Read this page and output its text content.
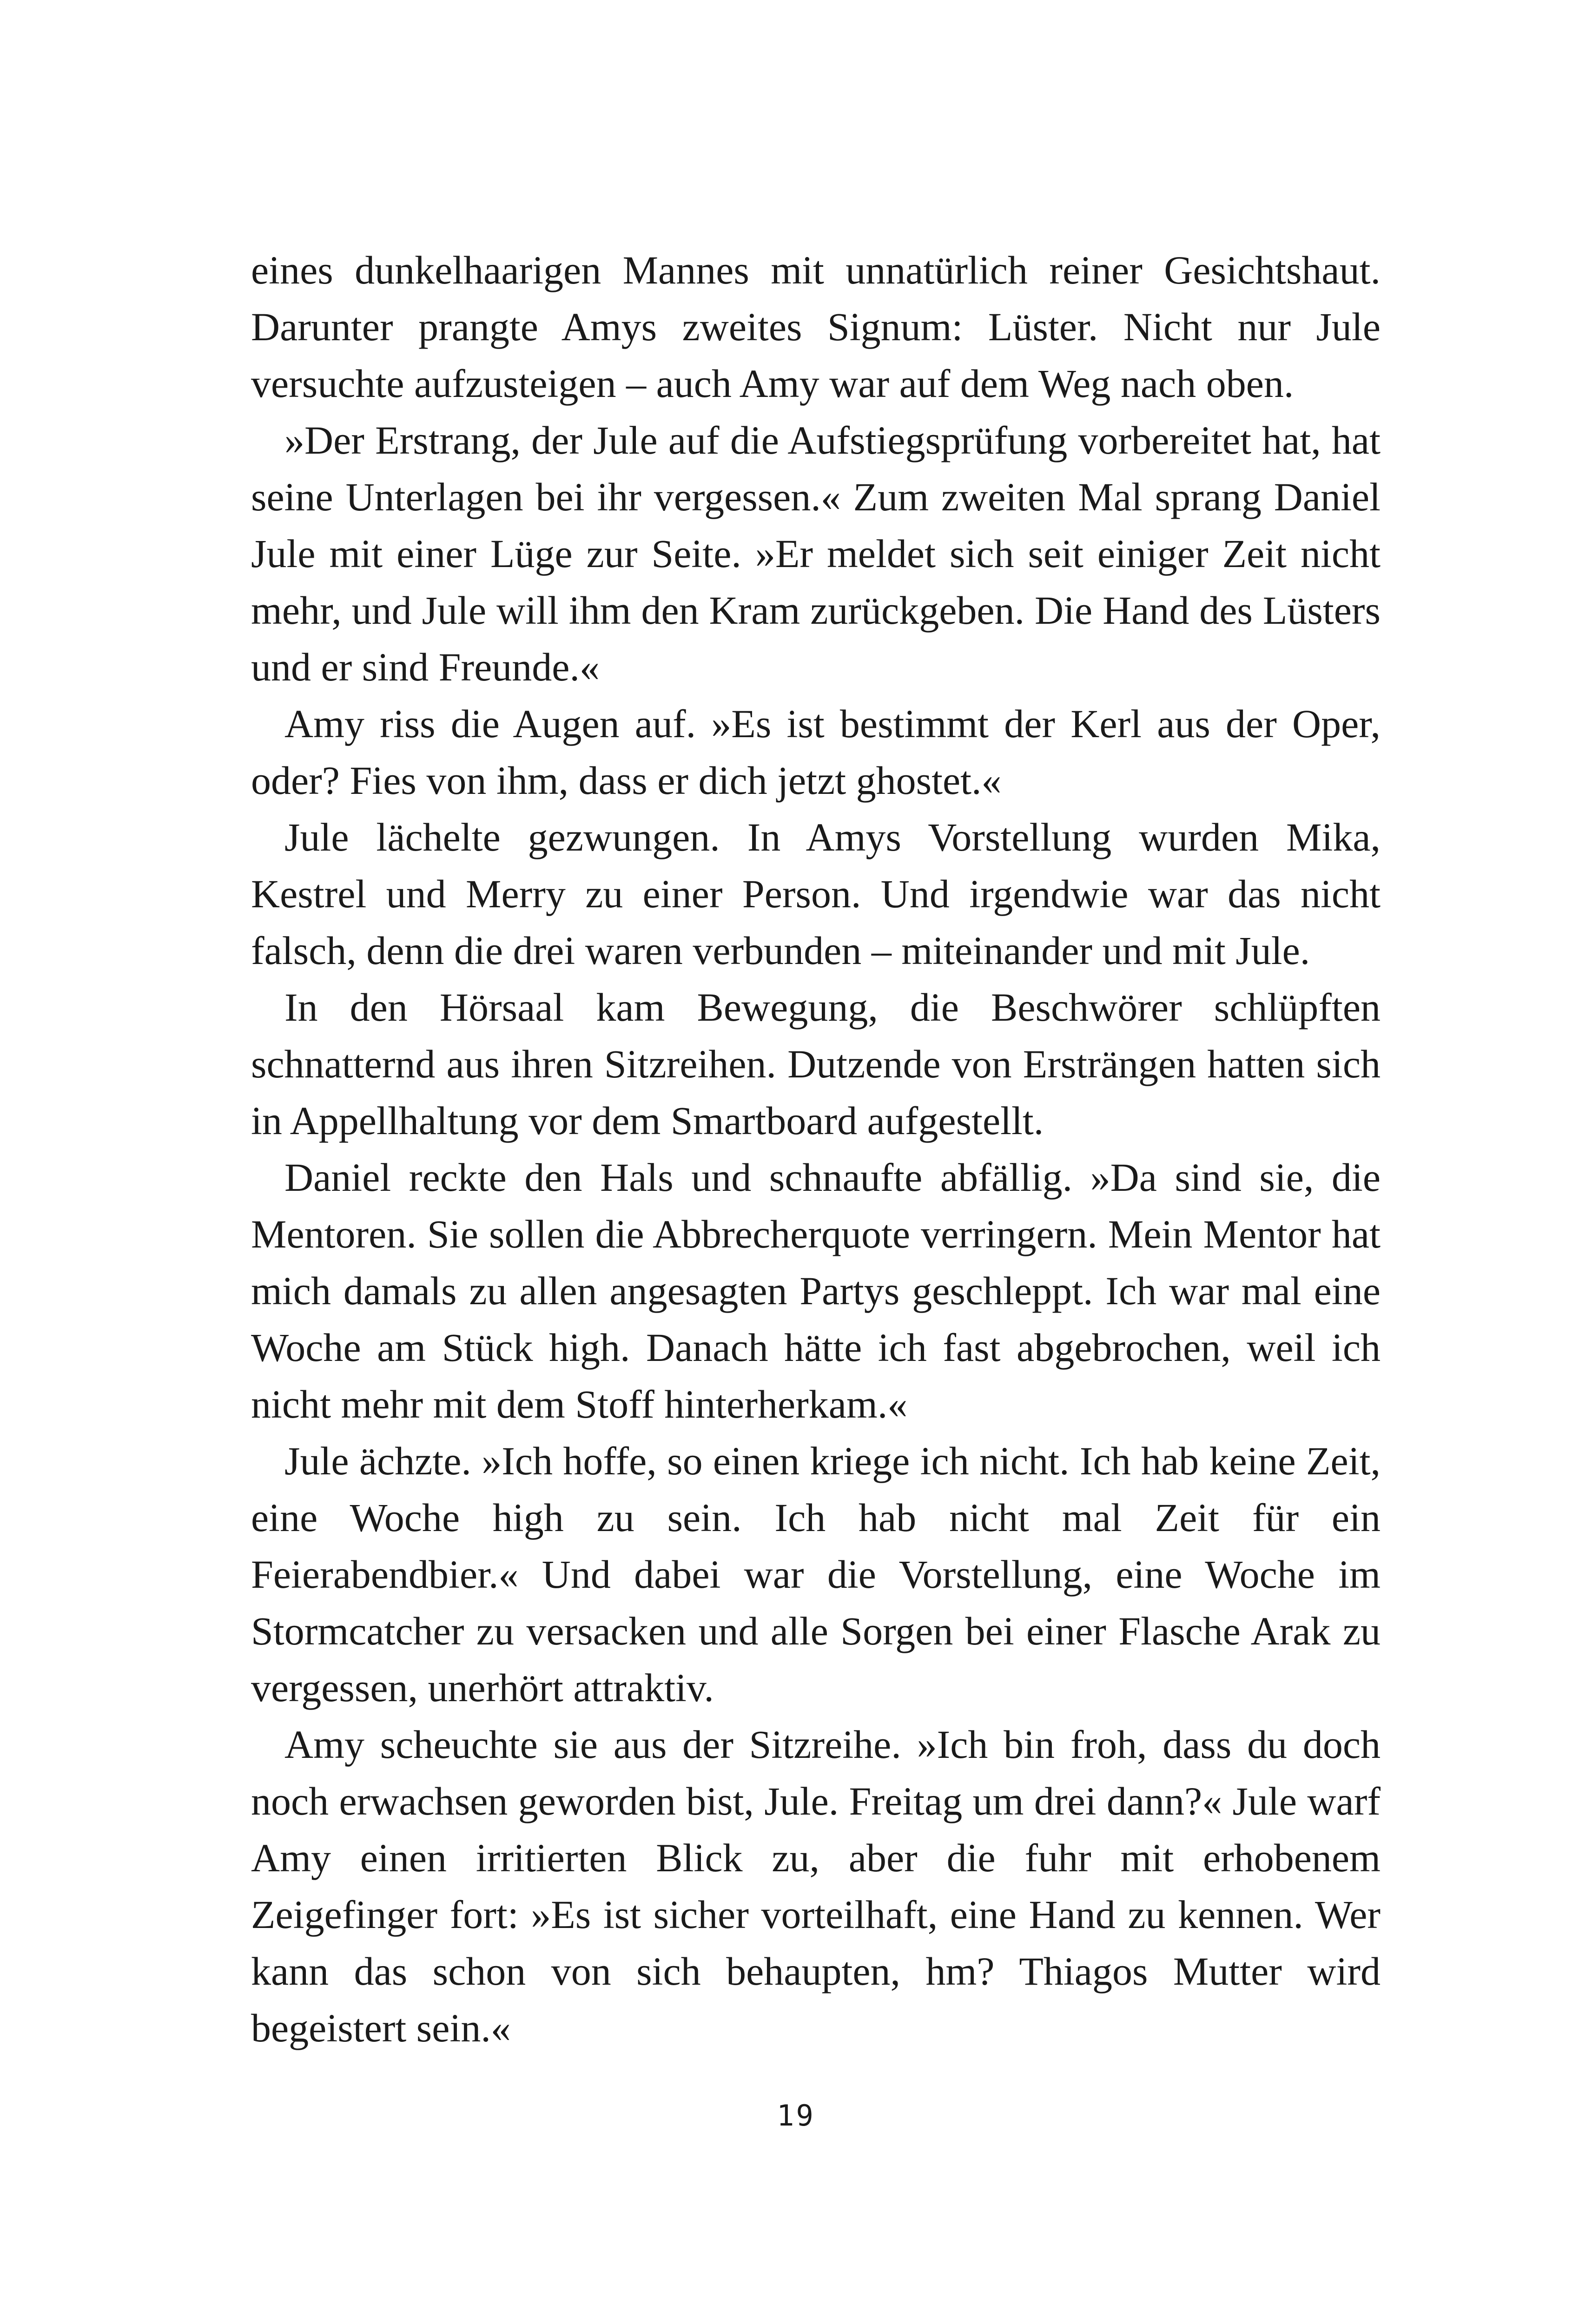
eines dunkelhaarigen Mannes mit unnatürlich reiner Gesichtshaut. Darunter prangte Amys zweites Signum: Lüster. Nicht nur Jule versuchte aufzusteigen – auch Amy war auf dem Weg nach oben.

»Der Erstrang, der Jule auf die Aufstiegsprüfung vorbereitet hat, hat seine Unterlagen bei ihr vergessen.« Zum zweiten Mal sprang Daniel Jule mit einer Lüge zur Seite. »Er meldet sich seit einiger Zeit nicht mehr, und Jule will ihm den Kram zurückgeben. Die Hand des Lüsters und er sind Freunde.«

Amy riss die Augen auf. »Es ist bestimmt der Kerl aus der Oper, oder? Fies von ihm, dass er dich jetzt ghostet.«

Jule lächelte gezwungen. In Amys Vorstellung wurden Mika, Kestrel und Merry zu einer Person. Und irgendwie war das nicht falsch, denn die drei waren verbunden – miteinander und mit Jule.

In den Hörsaal kam Bewegung, die Beschwörer schlüpften schnatternd aus ihren Sitzreihen. Dutzende von Ersträngen hatten sich in Appellhaltung vor dem Smartboard aufgestellt.

Daniel reckte den Hals und schnaufte abfällig. »Da sind sie, die Mentoren. Sie sollen die Abbrecherquote verringern. Mein Mentor hat mich damals zu allen angesagten Partys geschleppt. Ich war mal eine Woche am Stück high. Danach hätte ich fast abgebrochen, weil ich nicht mehr mit dem Stoff hinterherkam.«

Jule ächzte. »Ich hoffe, so einen kriege ich nicht. Ich hab keine Zeit, eine Woche high zu sein. Ich hab nicht mal Zeit für ein Feierabendbier.« Und dabei war die Vorstellung, eine Woche im Stormcatcher zu versacken und alle Sorgen bei einer Flasche Arak zu vergessen, unerhört attraktiv.

Amy scheuchte sie aus der Sitzreihe. »Ich bin froh, dass du doch noch erwachsen geworden bist, Jule. Freitag um drei dann?« Jule warf Amy einen irritierten Blick zu, aber die fuhr mit erhobenem Zeigefinger fort: »Es ist sicher vorteilhaft, eine Hand zu kennen. Wer kann das schon von sich behaupten, hm? Thiagos Mutter wird begeistert sein.«

19
